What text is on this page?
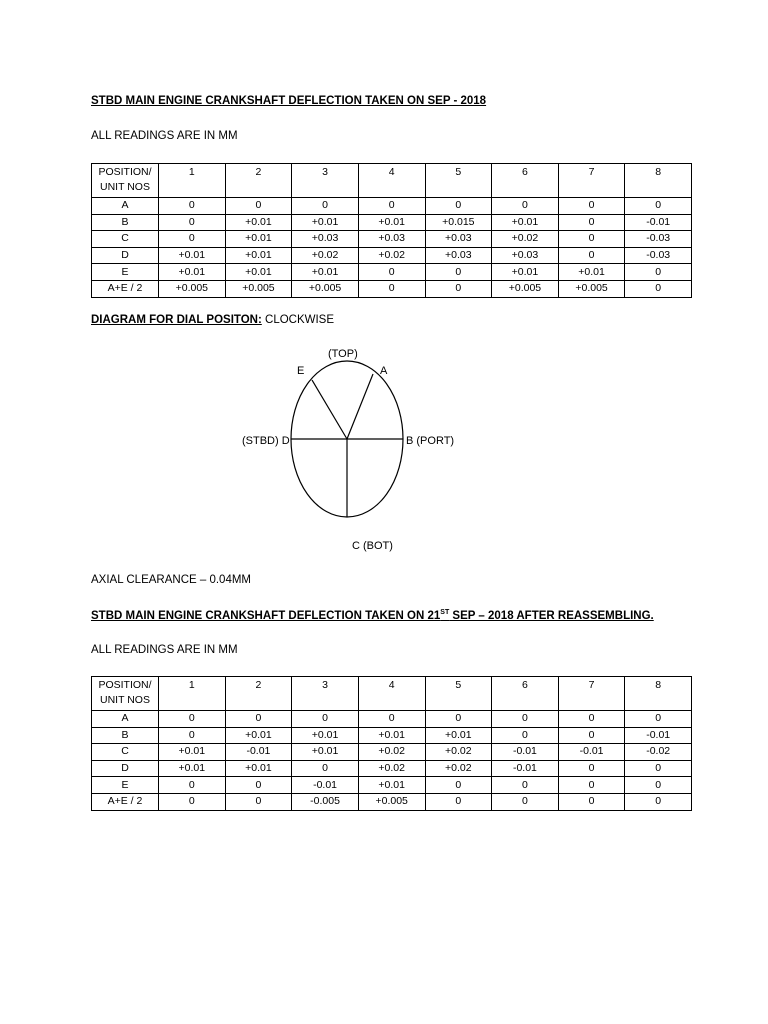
STBD MAIN ENGINE CRANKSHAFT DEFLECTION TAKEN ON SEP - 2018
ALL READINGS ARE IN MM
POSITION/
UNIT NOS	1	2	3	4	5	6	7	8
A	0	0	0	0	0	0	0	0
B	0	+0.01	+0.01	+0.01	+0.015	+0.01	0	-0.01
C	0	+0.01	+0.03	+0.03	+0.03	+0.02	0	-0.03
D	+0.01	+0.01	+0.02	+0.02	+0.03	+0.03	0	-0.03
E	+0.01	+0.01	+0.01	0	0	+0.01	+0.01	0
A+E / 2	+0.005	+0.005	+0.005	0	0	+0.005	+0.005	0
DIAGRAM FOR DIAL POSITON: CLOCKWISE
(TOP)
E	A
(STBD) D	B (PORT)
C (BOT)
AXIAL CLEARANCE – 0.04MM
STBD MAIN ENGINE CRANKSHAFT DEFLECTION TAKEN ON 21ST SEP – 2018 AFTER REASSEMBLING.
ALL READINGS ARE IN MM
POSITION/
UNIT NOS	1	2	3	4	5	6	7	8
A	0	0	0	0	0	0	0	0
B	0	+0.01	+0.01	+0.01	+0.01	0	0	-0.01
C	+0.01	-0.01	+0.01	+0.02	+0.02	-0.01	-0.01	-0.02
D	+0.01	+0.01	0	+0.02	+0.02	-0.01	0	0
E	0	0	-0.01	+0.01	0	0	0	0
A+E / 2	0	0	-0.005	+0.005	0	0	0	0
